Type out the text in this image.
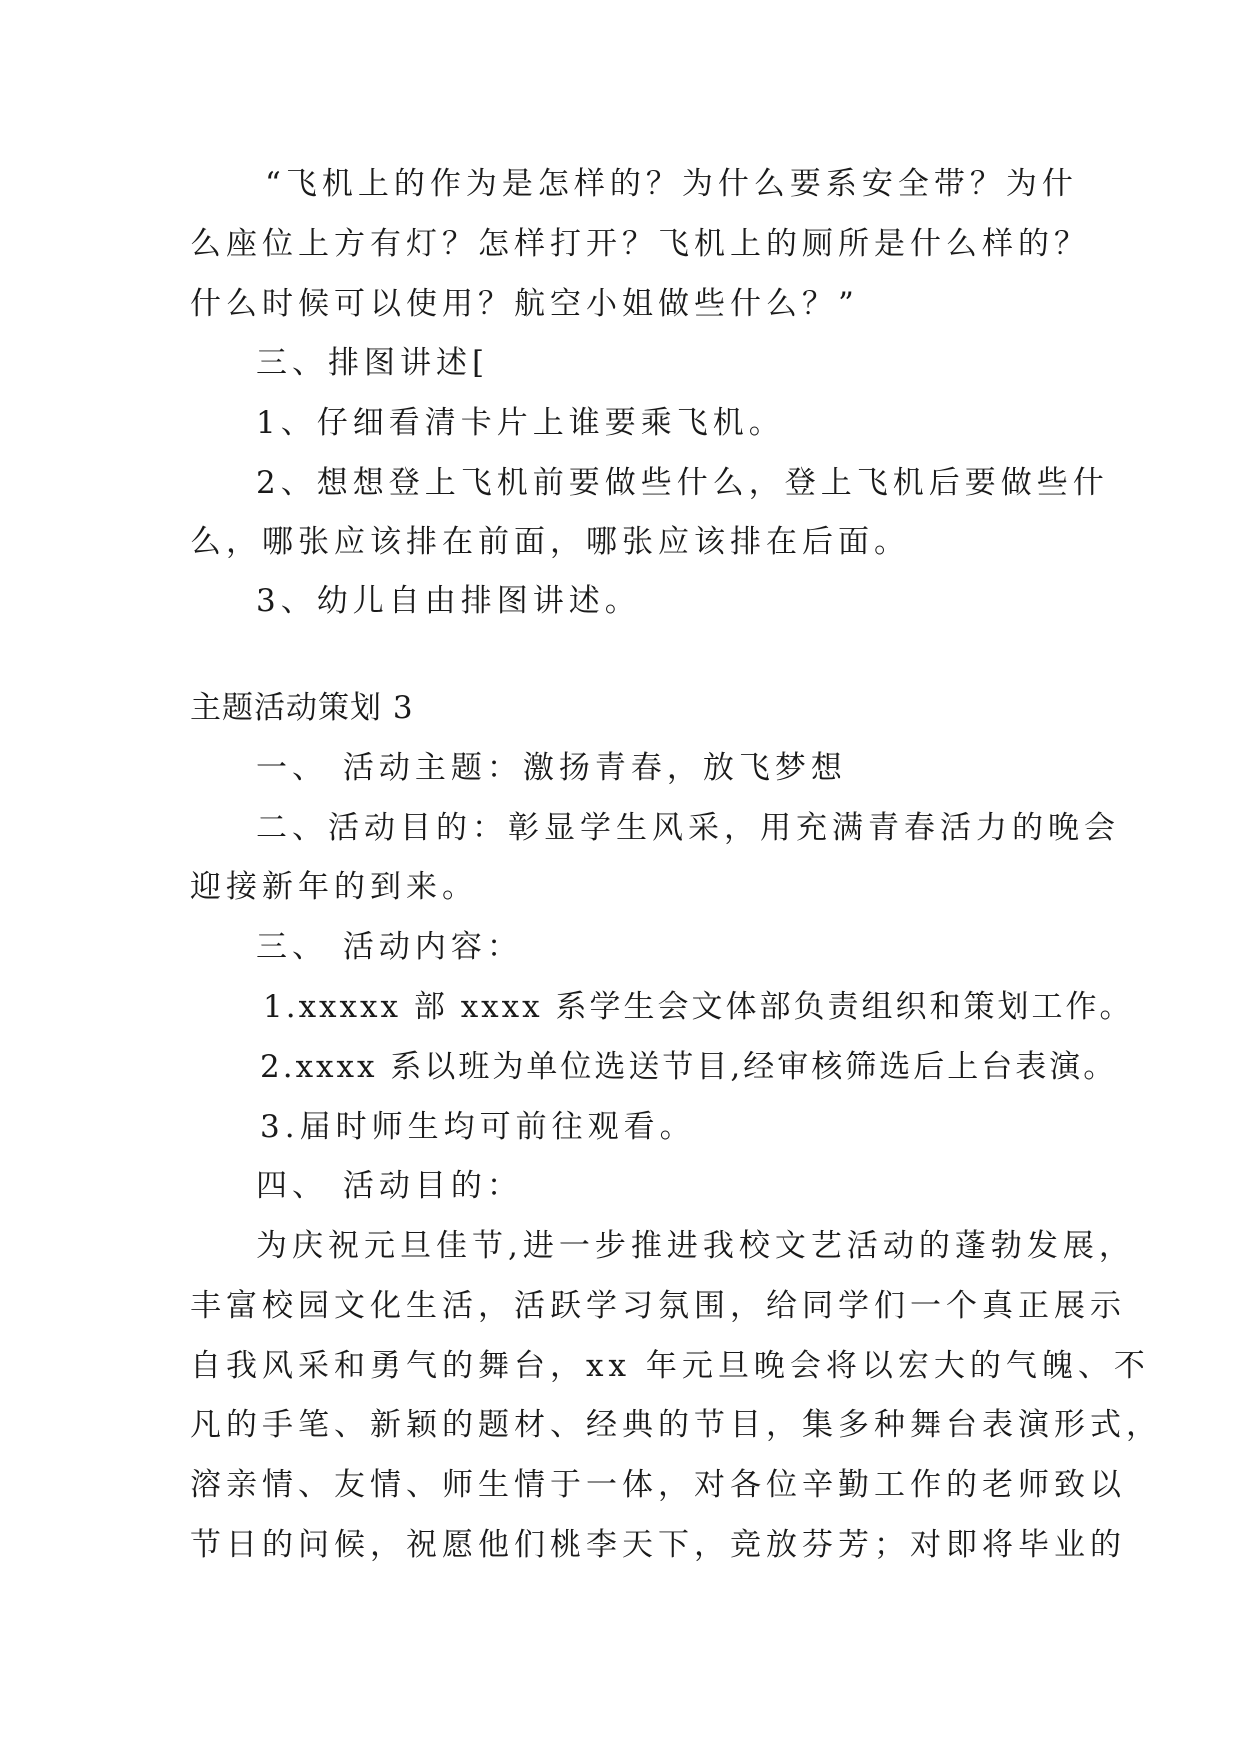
“飞机上的作为是怎样的？为什么要系安全带？为什
么座位上方有灯？怎样打开？飞机上的厕所是什么样的？
什么时候可以使用？航空小姐做些什么？”
三、排图讲述[
1、仔细看清卡片上谁要乘飞机。
2、想想登上飞机前要做些什么，登上飞机后要做些什
么，哪张应该排在前面，哪张应该排在后面。
3、幼儿自由排图讲述。
主题活动策划 3
一、 活动主题：激扬青春，放飞梦想
二、活动目的：彰显学生风采，用充满青春活力的晚会
迎接新年的到来。
三、 活动内容：
1.xxxxx 部 xxxx 系学生会文体部负责组织和策划工作。
2.xxxx 系以班为单位选送节目,经审核筛选后上台表演。
3.届时师生均可前往观看。
四、 活动目的：
为庆祝元旦佳节,进一步推进我校文艺活动的蓬勃发展，
丰富校园文化生活，活跃学习氛围，给同学们一个真正展示
自我风采和勇气的舞台，xx 年元旦晚会将以宏大的气魄、不
凡的手笔、新颖的题材、经典的节目，集多种舞台表演形式，
溶亲情、友情、师生情于一体，对各位辛勤工作的老师致以
节日的问候，祝愿他们桃李天下，竞放芬芳；对即将毕业的
